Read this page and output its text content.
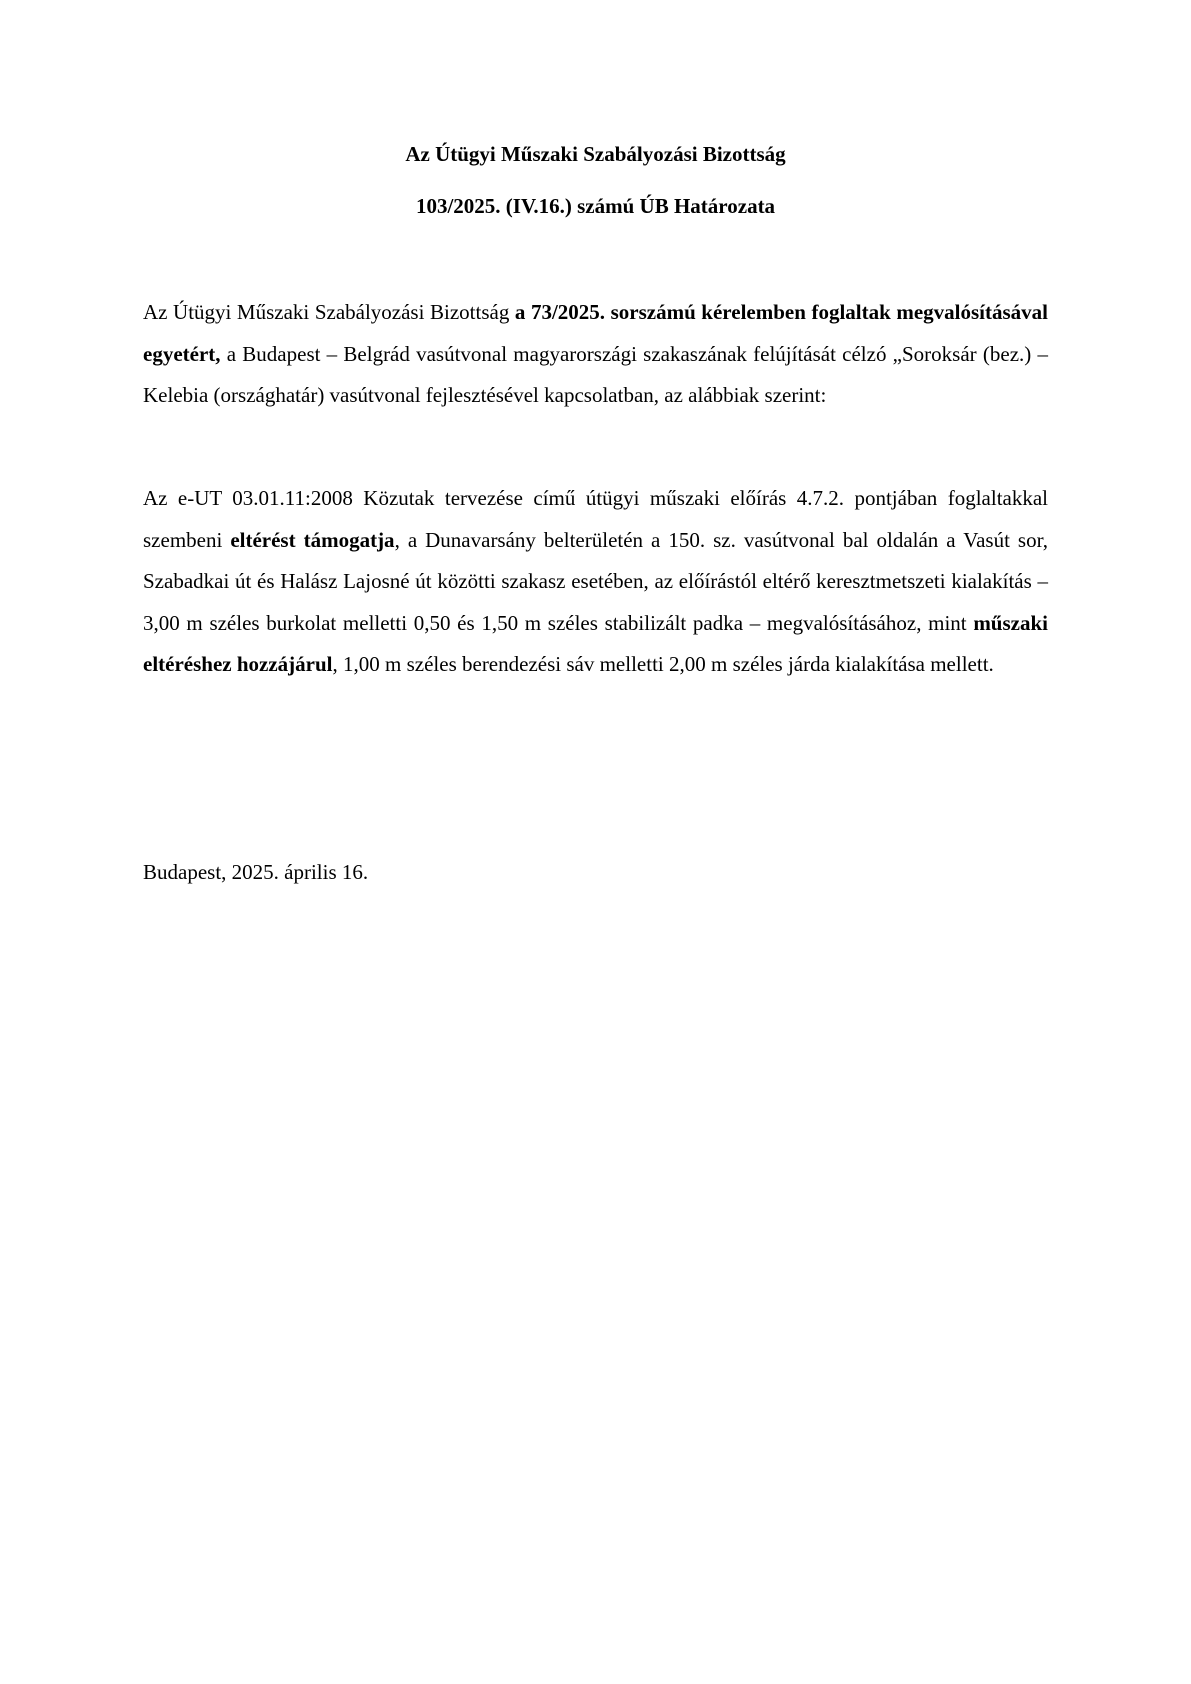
Az Útügyi Műszaki Szabályozási Bizottság
103/2025. (IV.16.) számú ÚB Határozata

Az Útügyi Műszaki Szabályozási Bizottság a 73/2025. sorszámú kérelemben foglaltak megvalósításával egyetért, a Budapest – Belgrád vasútvonal magyarországi szakaszának felújítását célzó „Soroksár (bez.) – Kelebia (országhatár) vasútvonal fejlesztésével kapcsolatban, az alábbiak szerint:

Az e-UT 03.01.11:2008 Közutak tervezése című útügyi műszaki előírás 4.7.2. pontjában foglaltakkal szembeni eltérést támogatja, a Dunavarsány belterületén a 150. sz. vasútvonal bal oldalán a Vasút sor, Szabadkai út és Halász Lajosné út közötti szakasz esetében, az előírástól eltérő keresztmetszeti kialakítás – 3,00 m széles burkolat melletti 0,50 és 1,50 m széles stabilizált padka – megvalósításához, mint műszaki eltéréshez hozzájárul, 1,00 m széles berendezési sáv melletti 2,00 m széles járda kialakítása mellett.

Budapest, 2025. április 16.
